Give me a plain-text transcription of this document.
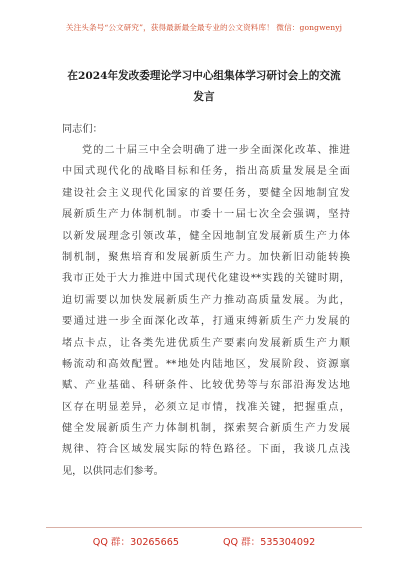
关注头条号“公文研究”，获得最新最全最专业的公文资料库！ 微信：gongwenyj
在2024年发改委理论学习中心组集体学习研讨会上的交流
发言
同志们：
党的二十届三中全会明确了进一步全面深化改革、推进
中国式现代化的战略目标和任务，指出高质量发展是全面
建设社会主义现代化国家的首要任务，要健全因地制宜发
展新质生产力体制机制。市委十一届七次全会强调，坚持
以新发展理念引领改革，健全因地制宜发展新质生产力体
制机制，聚焦培育和发展新质生产力。加快新旧动能转换
我市正处于大力推进中国式现代化建设**实践的关键时期，
迫切需要以加快发展新质生产力推动高质量发展。为此，
要通过进一步全面深化改革，打通束缚新质生产力发展的
堵点卡点，让各类先进优质生产要素向发展新质生产力顺
畅流动和高效配置。**地处内陆地区，发展阶段、资源禀
赋、产业基础、科研条件、比较优势等与东部沿海发达地
区存在明显差异，必须立足市情，找准关键，把握重点，
健全发展新质生产力体制机制，探索契合新质生产力发展
规律、符合区域发展实际的特色路径。下面，我谈几点浅
见，以供同志们参考。
QQ 群：30265665	QQ 群：535304092
